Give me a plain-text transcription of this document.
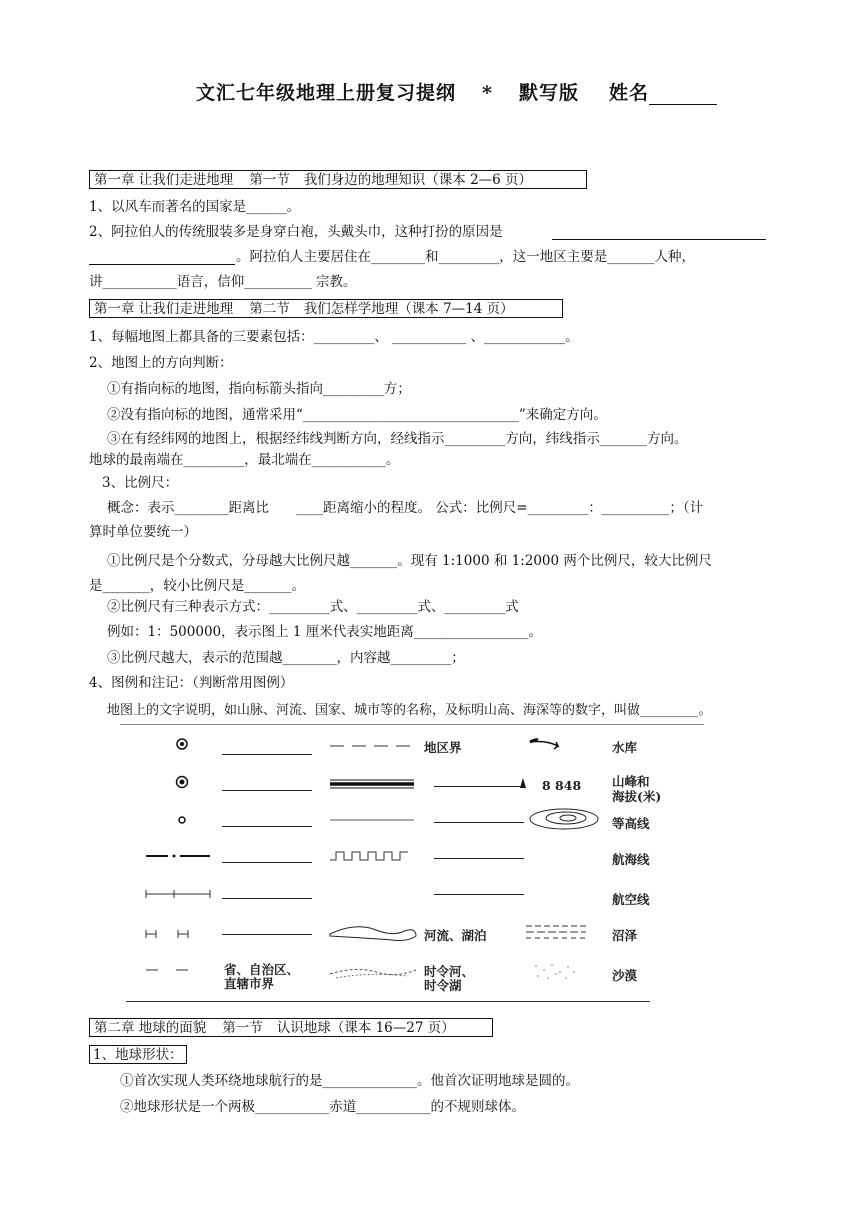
文汇七年级地理上册复习提纲 * 默写版 姓名
第一章 让我们走进地理 第一节 我们身边的地理知识（课本 2—6 页）
1、以风车而著名的国家是______。
2、阿拉伯人的传统服装多是身穿白袍，头戴头巾，这种打扮的原因是
。阿拉伯人主要居住在________和_________，这一地区主要是_______人种，
讲___________语言，信仰__________ 宗教。
第一章 让我们走进地理 第二节 我们怎样学地理（课本 7—14 页）
1、每幅地图上都具备的三要素包括：_________、 ___________ 、____________。
2、地图上的方向判断：
①有指向标的地图，指向标箭头指向_________方；
②没有指向标的地图，通常采用“________________________________”来确定方向。
③在有经纬网的地图上，根据经纬线判断方向，经线指示_________方向，纬线指示_______方向。
地球的最南端在_________，最北端在___________。
3、比例尺：
概念：表示________距离比　　____距离缩小的程度。 公式：比例尺=_________：__________；（计
算时单位要统一）
①比例尺是个分数式，分母越大比例尺越_______。现有 1:1000 和 1:2000 两个比例尺，较大比例尺
是_______，较小比例尺是_______。
②比例尺有三种表示方式：_________式、_________式、_________式
例如：1：500000，表示图上 1 厘米代表实地距离_________________。
③比例尺越大，表示的范围越________，内容越_________；
4、图例和注记：（判断常用图例）
地图上的文字说明，如山脉、河流、国家、城市等的名称，及标明山高、海深等的数字，叫做_________。
地区界	水库
8 848 山峰和
海拔(米)
等高线
航海线
航空线
河流、湖泊	沼泽
省、自治区、
直辖市界
时令河、
时令湖
沙漠
第二章 地球的面貌 第一节 认识地球（课本 16—27 页）
1、地球形状：
①首次实现人类环绕地球航行的是______________。他首次证明地球是圆的。
②地球形状是一个两极___________赤道___________的不规则球体。
